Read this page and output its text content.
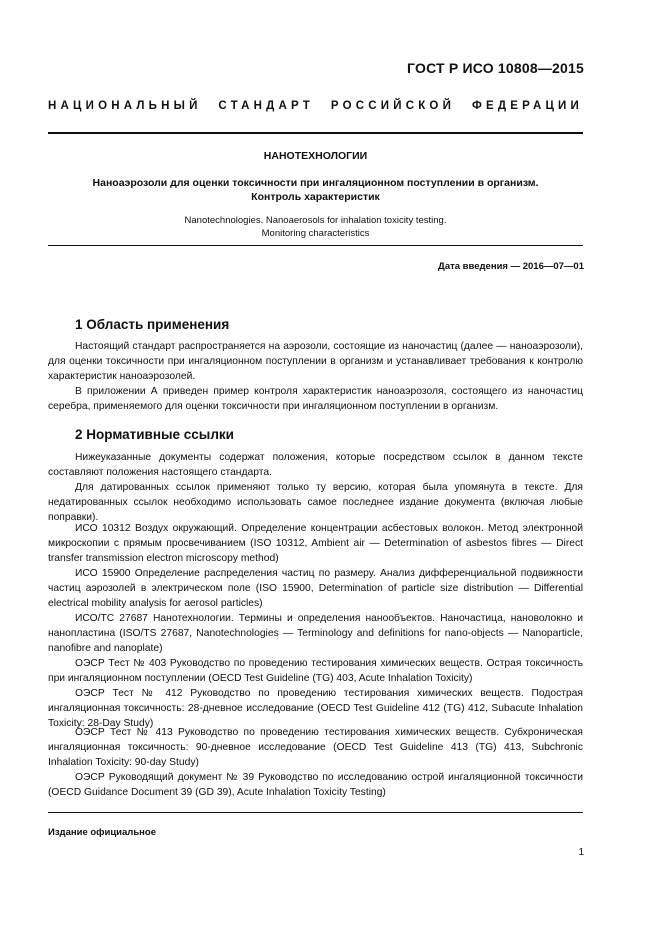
ГОСТ Р ИСО 10808—2015
НАЦИОНАЛЬНЫЙ СТАНДАРТ РОССИЙСКОЙ ФЕДЕРАЦИИ
НАНОТЕХНОЛОГИИ
Наноаэрозоли для оценки токсичности при ингаляционном поступлении в организм.
Контроль характеристик
Nanotechnologies. Nanoaerosols for inhalation toxicity testing.
Monitoring characteristics
Дата введения — 2016—07—01
1 Область применения

Настоящий стандарт распространяется на аэрозоли, состоящие из наночастиц (далее — наноаэрозоли), для оценки токсичности при ингаляционном поступлении в организм и устанавливает требования к контролю характеристик наноаэрозолей.

В приложении А приведен пример контроля характеристик наноаэрозоля, состоящего из наночастиц серебра, применяемого для оценки токсичности при ингаляционном поступлении в организм.

2 Нормативные ссылки

Нижеуказанные документы содержат положения, которые посредством ссылок в данном тексте составляют положения настоящего стандарта.

Для датированных ссылок применяют только ту версию, которая была упомянута в тексте. Для недатированных ссылок необходимо использовать самое последнее издание документа (включая любые поправки).

ИСО 10312 Воздух окружающий. Определение концентрации асбестовых волокон. Метод электронной микроскопии с прямым просвечиванием (ISO 10312, Ambient air — Determination of asbestos fibres — Direct transfer transmission electron microscopy method)

ИСО 15900 Определение распределения частиц по размеру. Анализ дифференциальной подвижности частиц аэрозолей в электрическом поле (ISO 15900, Determination of particle size distribution — Differential electrical mobility analysis for aerosol particles)

ИСО/ТС 27687 Нанотехнологии. Термины и определения нанообъектов. Наночастица, нановолокно и нанопластина (ISO/TS 27687, Nanotechnologies — Terminology and definitions for nano-objects — Nanoparticle, nanofibre and nanoplate)

ОЭСР Тест № 403 Руководство по проведению тестирования химических веществ. Острая токсичность при ингаляционном поступлении (OECD Test Guideline (TG) 403, Acute Inhalation Toxicity)

ОЭСР Тест № 412 Руководство по проведению тестирования химических веществ. Подострая ингаляционная токсичность: 28-дневное исследование (OECD Test Guideline 412 (TG) 412, Subacute Inhalation Toxicity: 28-Day Study)

ОЭСР Тест № 413 Руководство по проведению тестирования химических веществ. Субхроническая ингаляционная токсичность: 90-дневное исследование (OECD Test Guideline 413 (TG) 413, Subchronic Inhalation Toxicity: 90-day Study)

ОЭСР Руководящий документ № 39 Руководство по исследованию острой ингаляционной токсичности (OECD Guidance Document 39 (GD 39), Acute Inhalation Toxicity Testing)

Издание официальное
1
